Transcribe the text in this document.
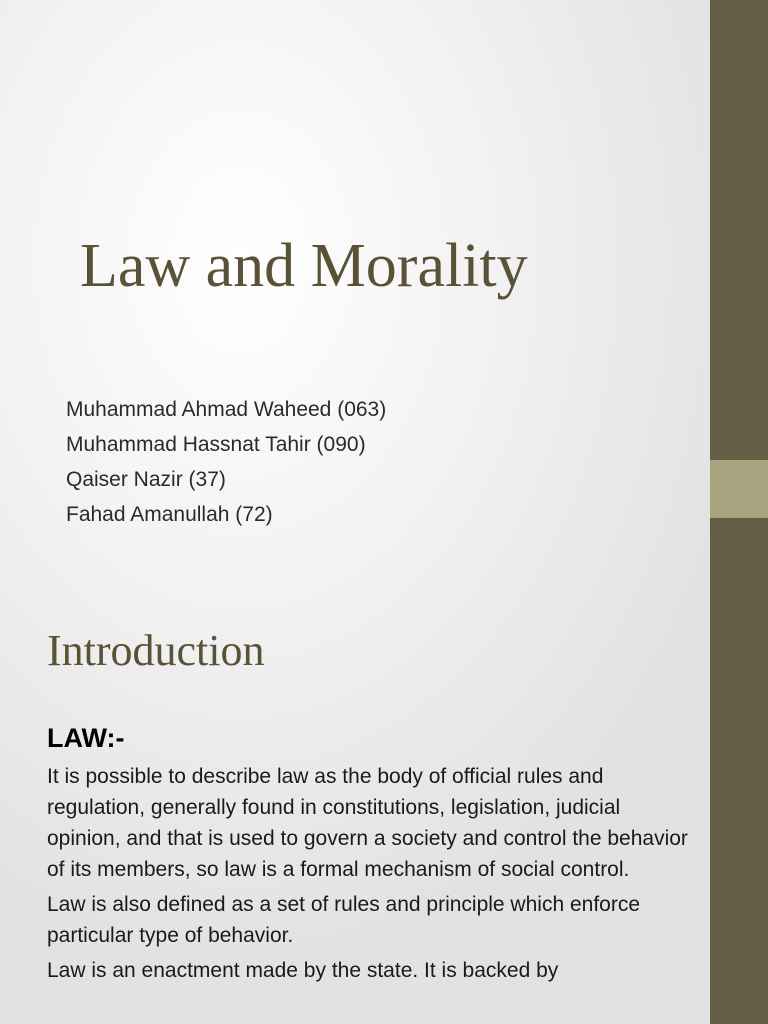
Law and Morality
Muhammad Ahmad Waheed (063)
Muhammad Hassnat Tahir (090)
Qaiser Nazir (37)
Fahad Amanullah (72)
Introduction
LAW:-

It is possible to describe law as the body of official rules and regulation, generally found in constitutions, legislation, judicial opinion, and that is used to govern a society and control the behavior of its members, so law is a formal mechanism of social control.

Law is also defined as a set of rules and principle which enforce particular type of behavior.

Law is an enactment made by the state. It is backed by
